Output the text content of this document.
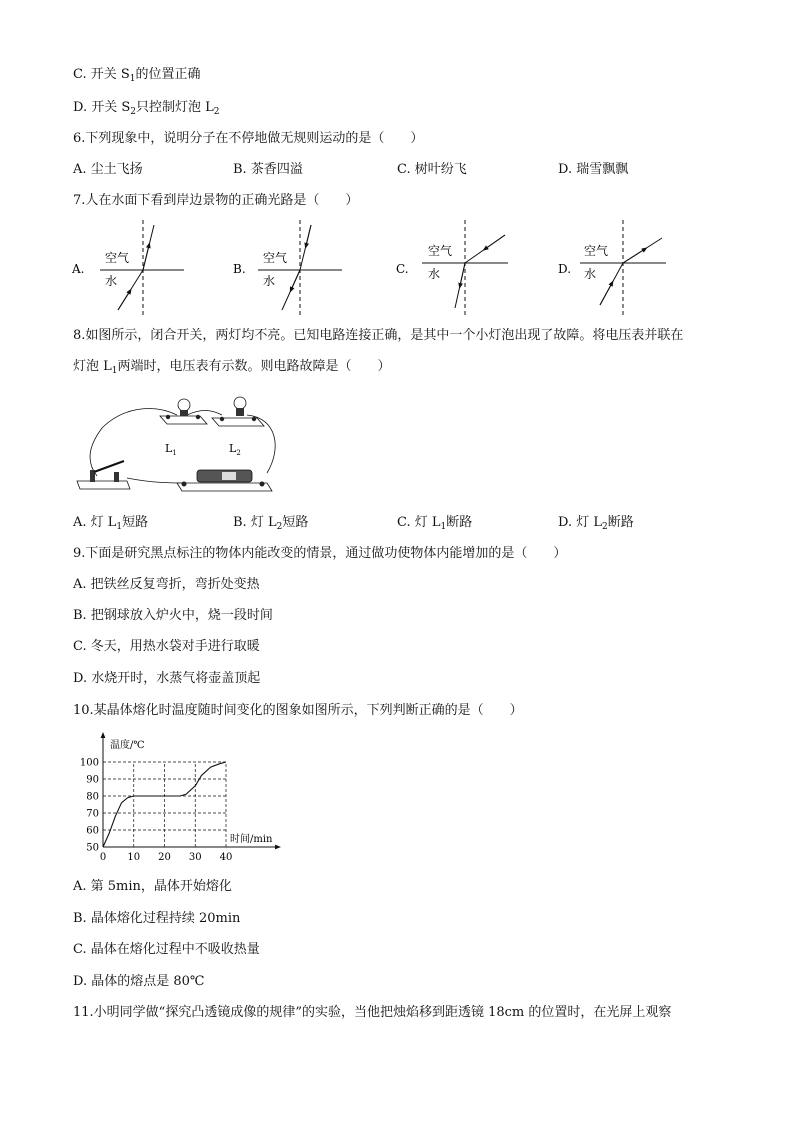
C. 开关 $S_1$的位置正确
D. 开关 $S_2$只控制灯泡 $L_2$
6.下列现象中，说明分子在不停地做无规则运动的是（　　）
A. 尘土飞扬	B. 茶香四溢	C. 树叶纷飞	D. 瑞雪飘飘
7.人在水面下看到岸边景物的正确光路是（　　）
A.
空气
水
B.
空气
水
C.
空气
水	D.
空气
水
8.如图所示，闭合开关，两灯均不亮。已知电路连接正确，是其中一个小灯泡出现了故障。将电压表并联在
灯泡 $L_1$两端时，电压表有示数。则电路故障是（　　）
$L_1$	$L_2$
A. 灯 $L_1$短路	B. 灯 $L_2$短路	C. 灯 $L_1$断路	D. 灯 $L_2$断路
9.下面是研究黑点标注的物体内能改变的情景，通过做功使物体内能增加的是（　　）
A. 把铁丝反复弯折，弯折处变热
B. 把钢球放入炉火中，烧一段时间
C. 冬天，用热水袋对手进行取暖
D. 水烧开时，水蒸气将壶盖顶起
10.某晶体熔化时温度随时间变化的图象如图所示，下列判断正确的是（　　）
温度/℃
时间/min
50
60
70
80
90
100
0 10 20 30 40
A. 第 5min，晶体开始熔化
B. 晶体熔化过程持续 20min
C. 晶体在熔化过程中不吸收热量
D. 晶体的熔点是 80℃
11.小明同学做“探究凸透镜成像的规律”的实验，当他把烛焰移到距透镜 18cm 的位置时，在光屏上观察
